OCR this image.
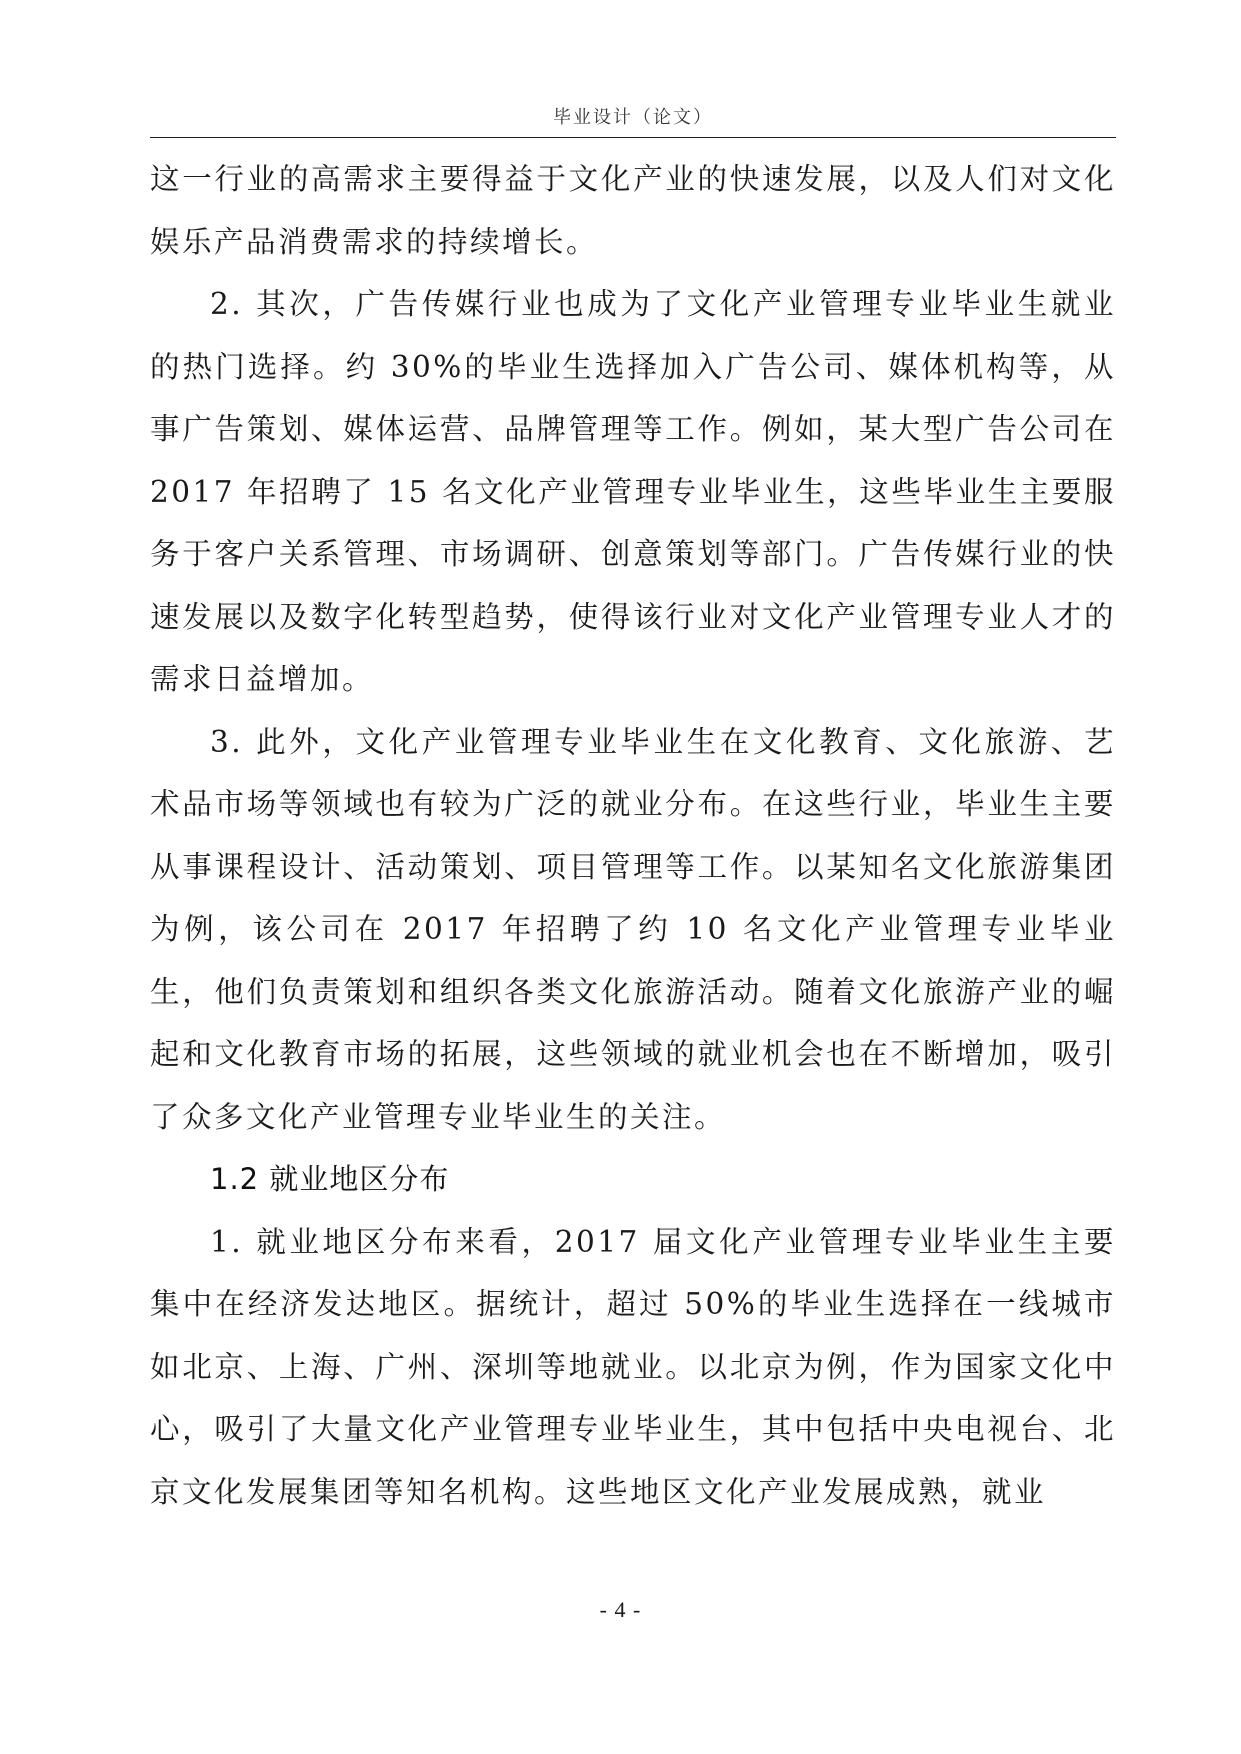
毕业设计（论文）

这一行业的高需求主要得益于文化产业的快速发展，以及人们对文化娱乐产品消费需求的持续增长。

2. 其次，广告传媒行业也成为了文化产业管理专业毕业生就业的热门选择。约 30%的毕业生选择加入广告公司、媒体机构等，从事广告策划、媒体运营、品牌管理等工作。例如，某大型广告公司在 2017 年招聘了 15 名文化产业管理专业毕业生，这些毕业生主要服务于客户关系管理、市场调研、创意策划等部门。广告传媒行业的快速发展以及数字化转型趋势，使得该行业对文化产业管理专业人才的需求日益增加。

3. 此外，文化产业管理专业毕业生在文化教育、文化旅游、艺术品市场等领域也有较为广泛的就业分布。在这些行业，毕业生主要从事课程设计、活动策划、项目管理等工作。以某知名文化旅游集团为例，该公司在 2017 年招聘了约 10 名文化产业管理专业毕业生，他们负责策划和组织各类文化旅游活动。随着文化旅游产业的崛起和文化教育市场的拓展，这些领域的就业机会也在不断增加，吸引了众多文化产业管理专业毕业生的关注。

1.2 就业地区分布

1. 就业地区分布来看，2017 届文化产业管理专业毕业生主要集中在经济发达地区。据统计，超过 50%的毕业生选择在一线城市如北京、上海、广州、深圳等地就业。以北京为例，作为国家文化中心，吸引了大量文化产业管理专业毕业生，其中包括中央电视台、北京文化发展集团等知名机构。这些地区文化产业发展成熟，就业

- 4 -
